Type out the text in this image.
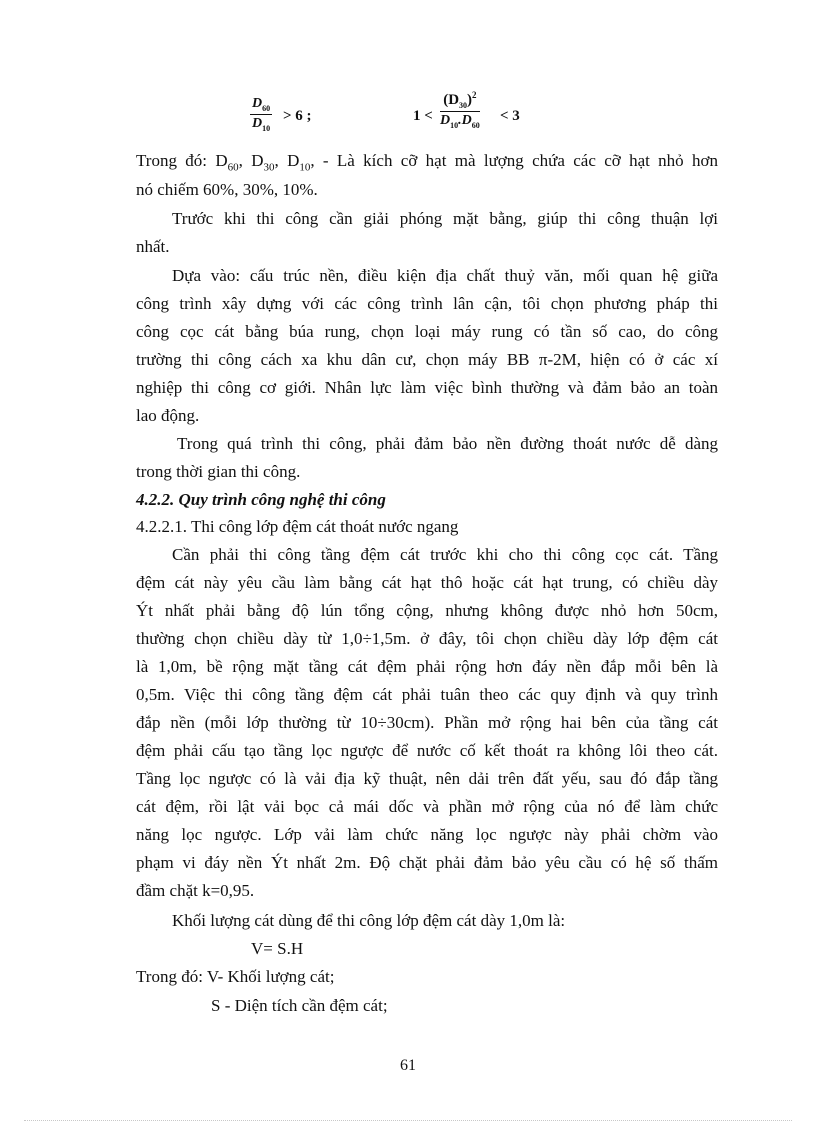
$\frac{D_{60}}{D_{10}} > 6$ ;	$1 < \frac{(D_{30})^2}{D_{10}.D_{60}} < 3$
Trong đó: $D_{60}$, $D_{30}$, $D_{10}$, - Là kích cỡ hạt mà lượng chứa các cỡ hạt nhỏ hơn
nó chiếm 60%, 30%, 10%.
Trước khi thi công cần giải phóng mặt bằng, giúp thi công thuận lợi
nhất.
Dựa vào: cấu trúc nền, điều kiện địa chất thuỷ văn, mối quan hệ giữa
công trình xây dựng với các công trình lân cận, tôi chọn phương pháp thi
công cọc cát bằng búa rung, chọn loại máy rung có tần số cao, do công
trường thi công cách xa khu dân cư, chọn máy BB π-2M, hiện có ở các xí
nghiệp thi công cơ giới. Nhân lực làm việc bình thường và đảm bảo an toàn
lao động.
Trong quá trình thi công, phải đảm bảo nền đường thoát nước dễ dàng
trong thời gian thi công.
4.2.2. Quy trình công nghệ thi công
4.2.2.1. Thi công lớp đệm cát thoát nước ngang
Cần phải thi công tầng đệm cát trước khi cho thi công cọc cát. Tầng
đệm cát này yêu cầu làm bằng cát hạt thô hoặc cát hạt trung, có chiều dày
Ýt nhất phải bằng độ lún tổng cộng, nhưng không được nhỏ hơn 50cm,
thường chọn chiều dày từ 1,0÷1,5m. ở đây, tôi chọn chiều dày lớp đệm cát
là 1,0m, bề rộng mặt tầng cát đệm phải rộng hơn đáy nền đắp mỗi bên là
0,5m. Việc thi công tầng đệm cát phải tuân theo các quy định và quy trình
đắp nền (mỗi lớp thường từ 10÷30cm). Phần mở rộng hai bên của tầng cát
đệm phải cấu tạo tầng lọc ngược để nước cố kết thoát ra không lôi theo cát.
Tầng lọc ngược có là vải địa kỹ thuật, nên dải trên đất yếu, sau đó đắp tầng
cát đệm, rồi lật vải bọc cả mái dốc và phần mở rộng của nó để làm chức
năng lọc ngược. Lớp vải làm chức năng lọc ngược này phải chờm vào
phạm vi đáy nền Ýt nhất 2m. Độ chặt phải đảm bảo yêu cầu có hệ số thấm
đầm chặt k=0,95.
Khối lượng cát dùng để thi công lớp đệm cát dày 1,0m là:
V= S.H
Trong đó: V- Khối lượng cát;
S - Diện tích cần đệm cát;
61
